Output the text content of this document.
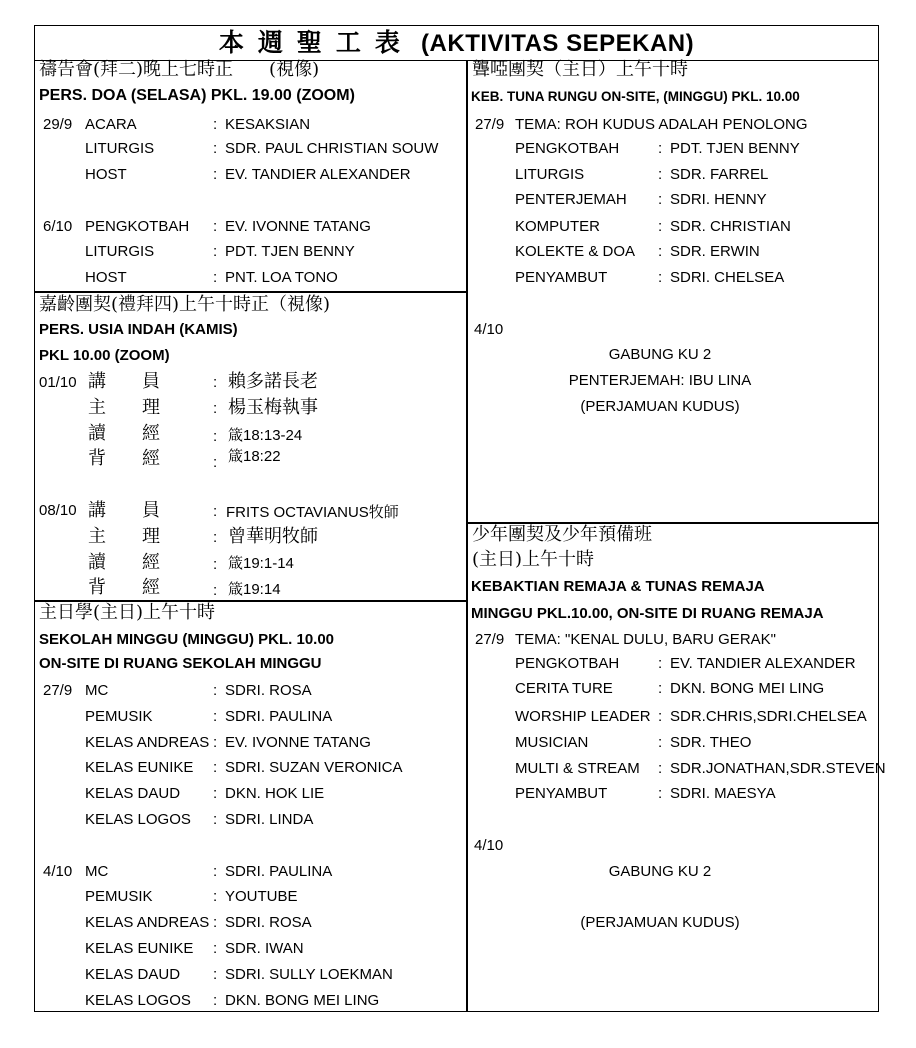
本週聖工表 (AKTIVITAS SEPEKAN)
禱告會(拜二)晚上七時正　　(視像)
PERS. DOA (SELASA) PKL. 19.00 (ZOOM)
29/9 ACARA	: KESAKSIAN
LITURGIS	: SDR. PAUL CHRISTIAN SOUW
HOST	: EV. TANDIER ALEXANDER
6/10 PENGKOTBAH : EV. IVONNE TATANG
LITURGIS	: PDT. TJEN BENNY
HOST	: PNT. LOA TONO
嘉齡團契(禮拜四)上午十時正（視像)
PERS. USIA INDAH (KAMIS)
PKL 10.00 (ZOOM)
01/10 講　　員	: 賴多諾長老
主　　理	: 楊玉梅執事
讀　　經	: 箴18:13-24
背　　經	: 箴18:22
08/10 講　　員	: FRITS OCTAVIANUS牧師
主　　理	: 曾華明牧師
讀　　經	: 箴19:1-14
背　　經	: 箴19:14
主日學(主日)上午十時
SEKOLAH MINGGU (MINGGU) PKL. 10.00
ON-SITE DI RUANG SEKOLAH MINGGU
27/9 MC	: SDRI. ROSA
PEMUSIK	: SDRI. PAULINA
KELAS ANDREAS : EV. IVONNE TATANG
KELAS EUNIKE : SDRI. SUZAN VERONICA
KELAS DAUD : DKN. HOK LIE
KELAS LOGOS : SDRI. LINDA
4/10 MC	: SDRI. PAULINA
PEMUSIK	: YOUTUBE
KELAS ANDREAS : SDRI. ROSA
KELAS EUNIKE : SDR. IWAN
KELAS DAUD : SDRI. SULLY LOEKMAN
KELAS LOGOS : DKN. BONG MEI LING
聾啞團契（主日）上午十時
KEB. TUNA RUNGU ON-SITE, (MINGGU) PKL. 10.00
27/9 TEMA: ROH KUDUS ADALAH PENOLONG
PENGKOTBAH	: PDT. TJEN BENNY
LITURGIS	: SDR. FARREL
PENTERJEMAH : SDRI. HENNY
KOMPUTER	: SDR. CHRISTIAN
KOLEKTE & DOA : SDR. ERWIN
PENYAMBUT	: SDRI. CHELSEA
4/10
GABUNG KU 2
PENTERJEMAH: IBU LINA
(PERJAMUAN KUDUS)
少年團契及少年預備班
(主日)上午十時
KEBAKTIAN REMAJA & TUNAS REMAJA
MINGGU PKL.10.00, ON-SITE DI RUANG REMAJA
27/9 TEMA: "KENAL DULU, BARU GERAK"
PENGKOTBAH	: EV. TANDIER ALEXANDER
CERITA TURE	: DKN. BONG MEI LING
WORSHIP LEADER : SDR.CHRIS,SDRI.CHELSEA
MUSICIAN	: SDR. THEO
MULTI & STREAM : SDR.JONATHAN,SDR.STEVEN
PENYAMBUT	: SDRI. MAESYA
4/10
GABUNG KU 2
(PERJAMUAN KUDUS)
